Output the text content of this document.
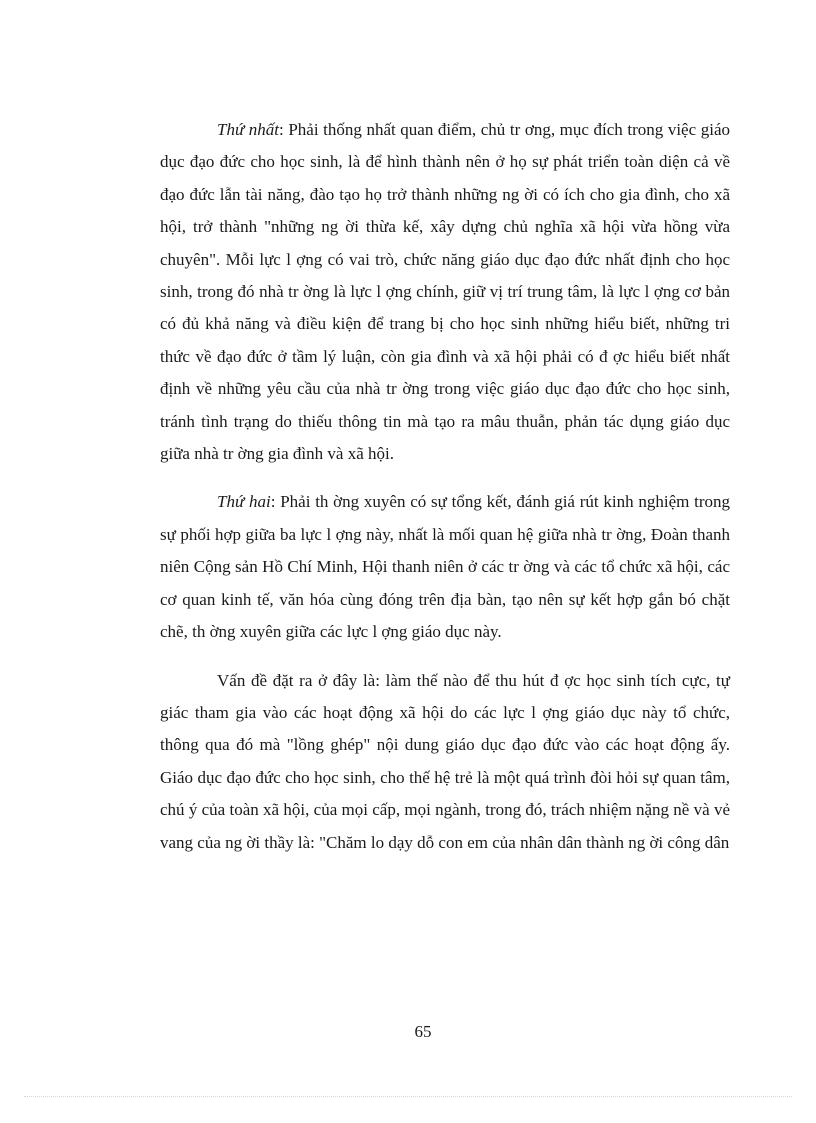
Thứ nhất: Phải thống nhất quan điểm, chủ tr ơng, mục đích trong việc giáo dục đạo đức cho học sinh, là để hình thành nên ở họ sự phát triển toàn diện cả về đạo đức lẫn tài năng, đào tạo họ trở thành những ng ời có ích cho gia đình, cho xã hội, trở thành "những ng ời thừa kế, xây dựng chủ nghĩa xã hội vừa hồng vừa chuyên". Mỗi lực l ợng có vai trò, chức năng giáo dục đạo đức nhất định cho học sinh, trong đó nhà tr ờng là lực l ợng chính, giữ vị trí trung tâm, là lực l ợng cơ bản có đủ khả năng và điều kiện để trang bị cho học sinh những hiểu biết, những tri thức về đạo đức ở tầm lý luận, còn gia đình và xã hội phải có đ ợc hiểu biết nhất định về những yêu cầu của nhà tr ờng trong việc giáo dục đạo đức cho học sinh, tránh tình trạng do thiếu thông tin mà tạo ra mâu thuẫn, phản tác dụng giáo dục giữa nhà tr ờng gia đình và xã hội.

Thứ hai: Phải th ờng xuyên có sự tổng kết, đánh giá rút kinh nghiệm trong sự phối hợp giữa ba lực l ợng này, nhất là mối quan hệ giữa nhà tr ờng, Đoàn thanh niên Cộng sản Hồ Chí Minh, Hội thanh niên ở các tr ờng và các tổ chức xã hội, các cơ quan kinh tế, văn hóa cùng đóng trên địa bàn, tạo nên sự kết hợp gắn bó chặt chẽ, th ờng xuyên giữa các lực l ợng giáo dục này.

Vấn đề đặt ra ở đây là: làm thế nào để thu hút đ ợc học sinh tích cực, tự giác tham gia vào các hoạt động xã hội do các lực l ợng giáo dục này tổ chức, thông qua đó mà "lồng ghép" nội dung giáo dục đạo đức vào các hoạt động ấy. Giáo dục đạo đức cho học sinh, cho thế hệ trẻ là một quá trình đòi hỏi sự quan tâm, chú ý của toàn xã hội, của mọi cấp, mọi ngành, trong đó, trách nhiệm nặng nề và vẻ vang của ng ời thầy là: "Chăm lo dạy dỗ con em của nhân dân thành ng ời công dân

65
